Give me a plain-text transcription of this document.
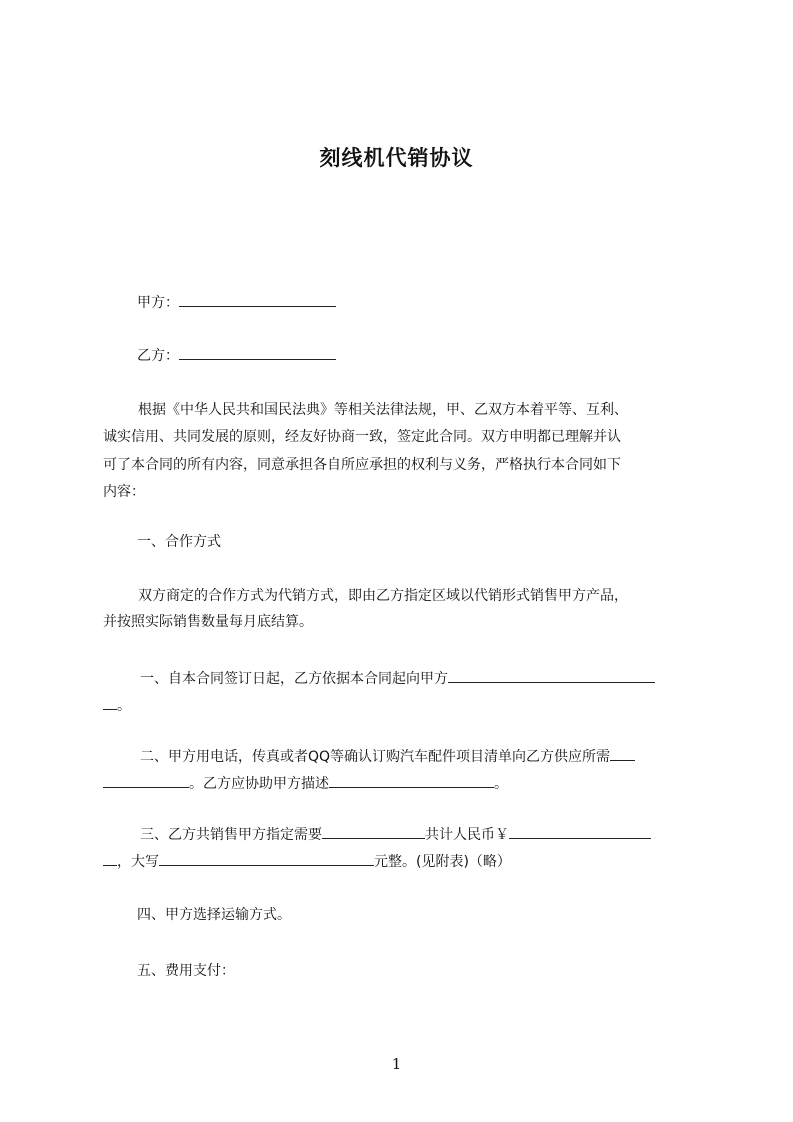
刻线机代销协议

甲方：

乙方：

根据《中华人民共和国民法典》等相关法律法规，甲、乙双方本着平等、互利、

诚实信用、共同发展的原则，经友好协商一致，签定此合同。双方申明都已理解并认

可了本合同的所有内容，同意承担各自所应承担的权利与义务，严格执行本合同如下

内容：

一、合作方式

双方商定的合作方式为代销方式，即由乙方指定区域以代销形式销售甲方产品，

并按照实际销售数量每月底结算。

一、自本合同签订日起，乙方依据本合同起向甲方

。

二、甲方用电话，传真或者QQ等确认订购汽车配件项目清单向乙方供应所需

。乙方应协助甲方描述	。

三、乙方共销售甲方指定需要	共计人民币￥

，大写	元整。(见附表)（略）

四、甲方选择运输方式。

五、费用支付：

1
